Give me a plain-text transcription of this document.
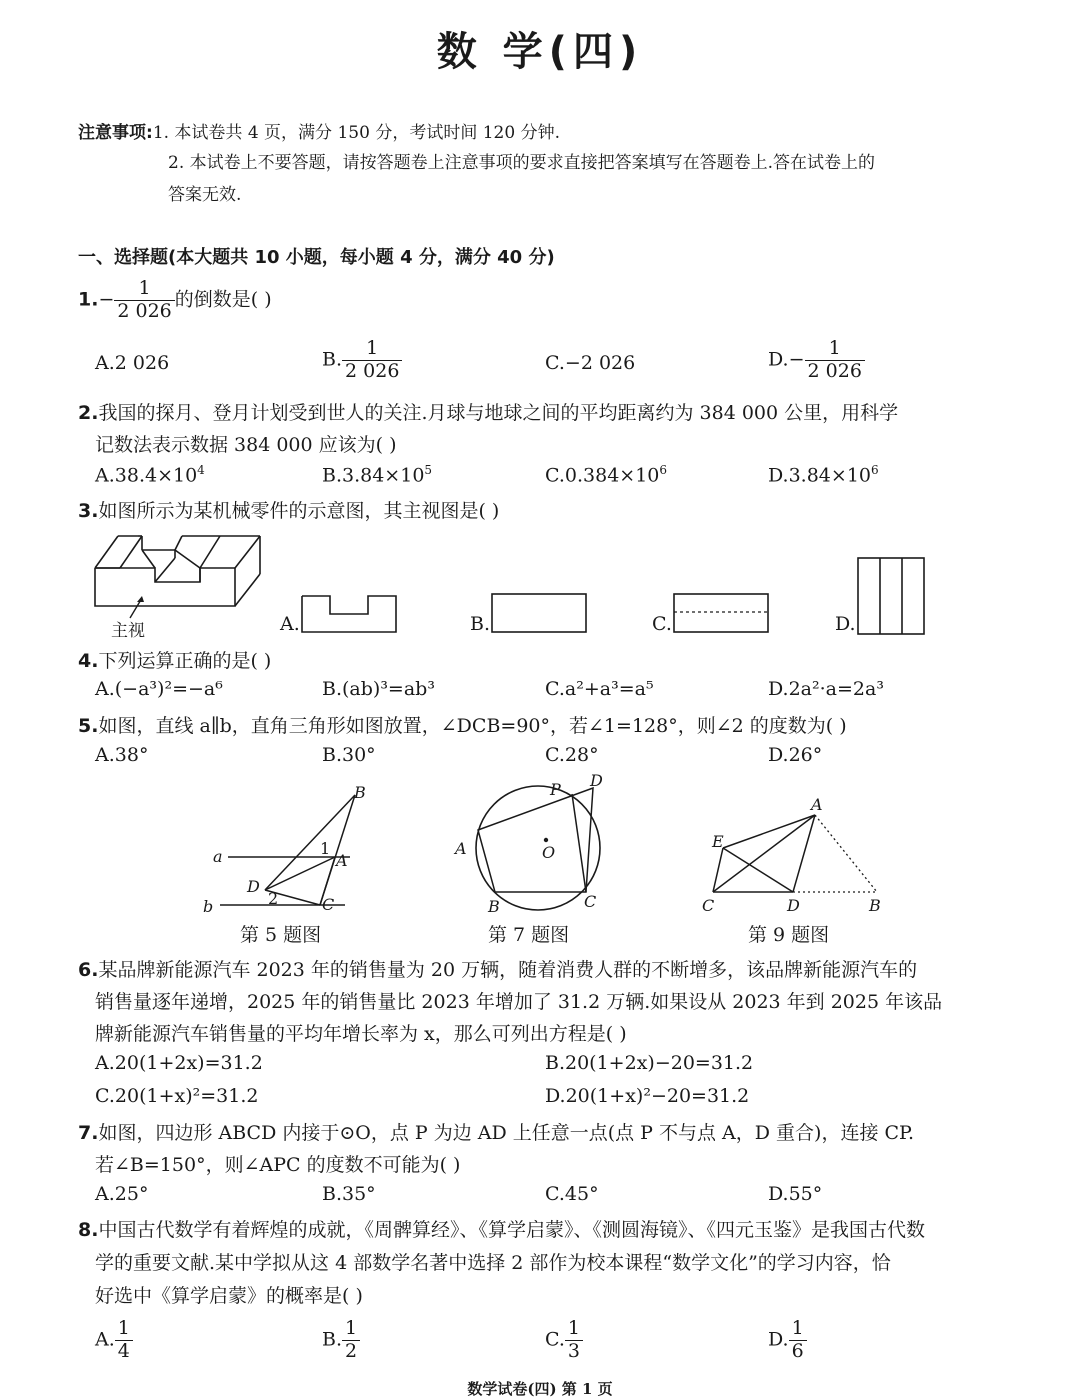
数 学(四)
注意事项:1. 本试卷共 4 页，满分 150 分，考试时间 120 分钟.
2. 本试卷上不要答题，请按答题卷上注意事项的要求直接把答案填写在答题卷上.答在试卷上的
答案无效.
一、选择题(本大题共 10 小题，每小题 4 分，满分 40 分)
$1.- \frac{1}{2 026}$ 的倒数是( )
A.2 026	B. $\frac{1}{2 026}$	C.−2 026	$D.- \frac{1}{2 026}$
2.我国的探月、登月计划受到世人的关注.月球与地球之间的平均距离约为 384 000 公里，用科学
记数法表示数据 384 000 应该为( )
$A.38.4\times 10^4$	$B.3.84\times 10^5$	$C.0.384\times 10^6$	$D.3.84\times 10^6$
3.如图所示为某机械零件的示意图，其主视图是( )
主视	A.	B.	C.	D.
4.下列运算正确的是( )
A.(−a³)²=−a⁶	B.(ab)³=ab³	C.a²+a³=a⁵	D.2a²·a=2a³
5.如图，直线 a∥b，直角三角形如图放置，∠DCB=90°，若∠1=128°，则∠2 的度数为( )
A.38°	B.30°	C.28°	D.26°
a
b
B
A
D
C
1
2
第 5 题图
A
B	C
D
P
O
第 7 题图
A
B
C	D
E
第 9 题图
6.某品牌新能源汽车 2023 年的销售量为 20 万辆，随着消费人群的不断增多，该品牌新能源汽车的
销售量逐年递增，2025 年的销售量比 2023 年增加了 31.2 万辆.如果设从 2023 年到 2025 年该品
牌新能源汽车销售量的平均年增长率为 x，那么可列出方程是( )
A.20(1+2x)=31.2	B.20(1+2x)−20=31.2
C.20(1+x)²=31.2	D.20(1+x)²−20=31.2
7.如图，四边形 ABCD 内接于⊙O，点 P 为边 AD 上任意一点(点 P 不与点 A，D 重合)，连接 CP.
若∠B=150°，则∠APC 的度数不可能为( )
A.25°	B.35°	C.45°	D.55°
8.中国古代数学有着辉煌的成就，《周髀算经》、《算学启蒙》、《测圆海镜》、《四元玉鉴》是我国古代数
学的重要文献.某中学拟从这 4 部数学名著中选择 2 部作为校本课程“数学文化”的学习内容，恰
好选中《算学启蒙》的概率是( )
A. $\frac{1}{4}$	B. $\frac{1}{2}$	C. $\frac{1}{3}$	D. $\frac{1}{6}$
数学试卷(四) 第 1 页
